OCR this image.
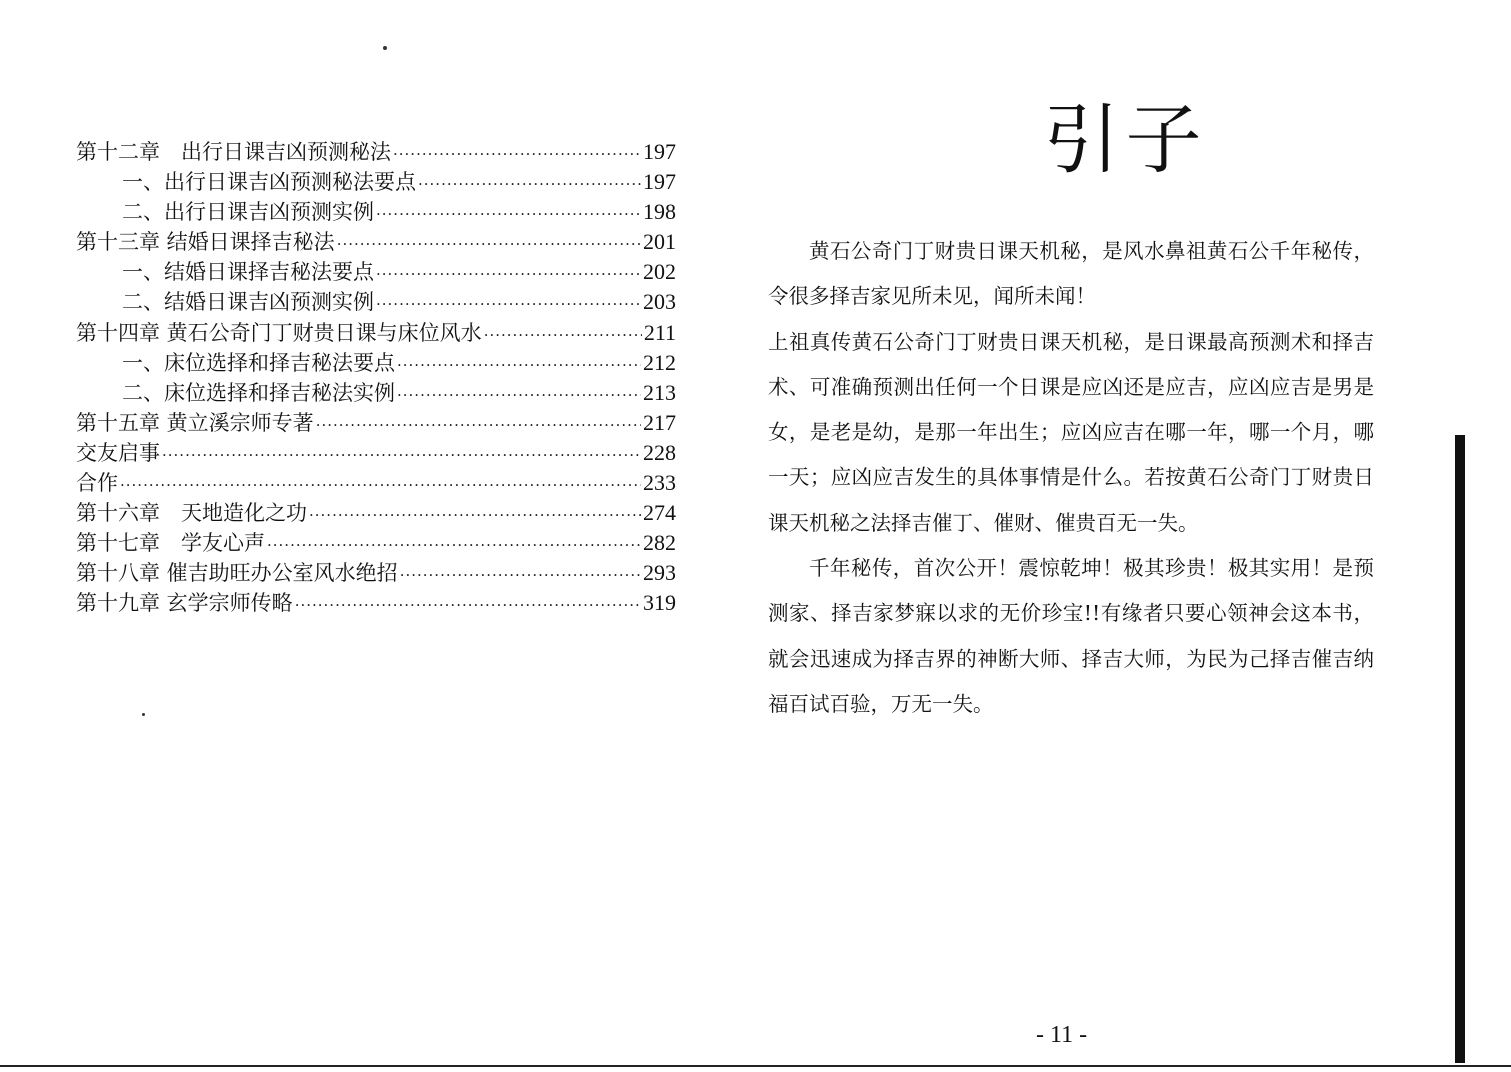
第十二章　出行日课吉凶预测秘法 ·····	197
一、出行日课吉凶预测秘法要点 ·····	197
二、出行日课吉凶预测实例 ·····	198
第十三章 结婚日课择吉秘法 ·····	201
一、结婚日课择吉秘法要点 ·····	202
二、结婚日课吉凶预测实例 ·····	203
第十四章 黄石公奇门丁财贵日课与床位风水 ·····	211
一、床位选择和择吉秘法要点 ·····	212
二、床位选择和择吉秘法实例 ·····	213
第十五章 黄立溪宗师专著 ·····	217
交友启事 ·····	228
合作 ·····	233
第十六章　天地造化之功 ·····	274
第十七章　学友心声 ·····	282
第十八章 催吉助旺办公室风水绝招 ·····	293
第十九章 玄学宗师传略 ·····	319
引子

黄石公奇门丁财贵日课天机秘，是风水鼻祖黄石公千年秘传，令很多择吉家见所未见，闻所未闻！

上祖真传黄石公奇门丁财贵日课天机秘，是日课最高预测术和择吉术、可准确预测出任何一个日课是应凶还是应吉，应凶应吉是男是女，是老是幼，是那一年出生；应凶应吉在哪一年，哪一个月，哪一天；应凶应吉发生的具体事情是什么。若按黄石公奇门丁财贵日课天机秘之法择吉催丁、催财、催贵百无一失。

千年秘传，首次公开！震惊乾坤！极其珍贵！极其实用！是预测家、择吉家梦寐以求的无价珍宝!!有缘者只要心领神会这本书，就会迅速成为择吉界的神断大师、择吉大师，为民为己择吉催吉纳福百试百验，万无一失。

- 11 -
